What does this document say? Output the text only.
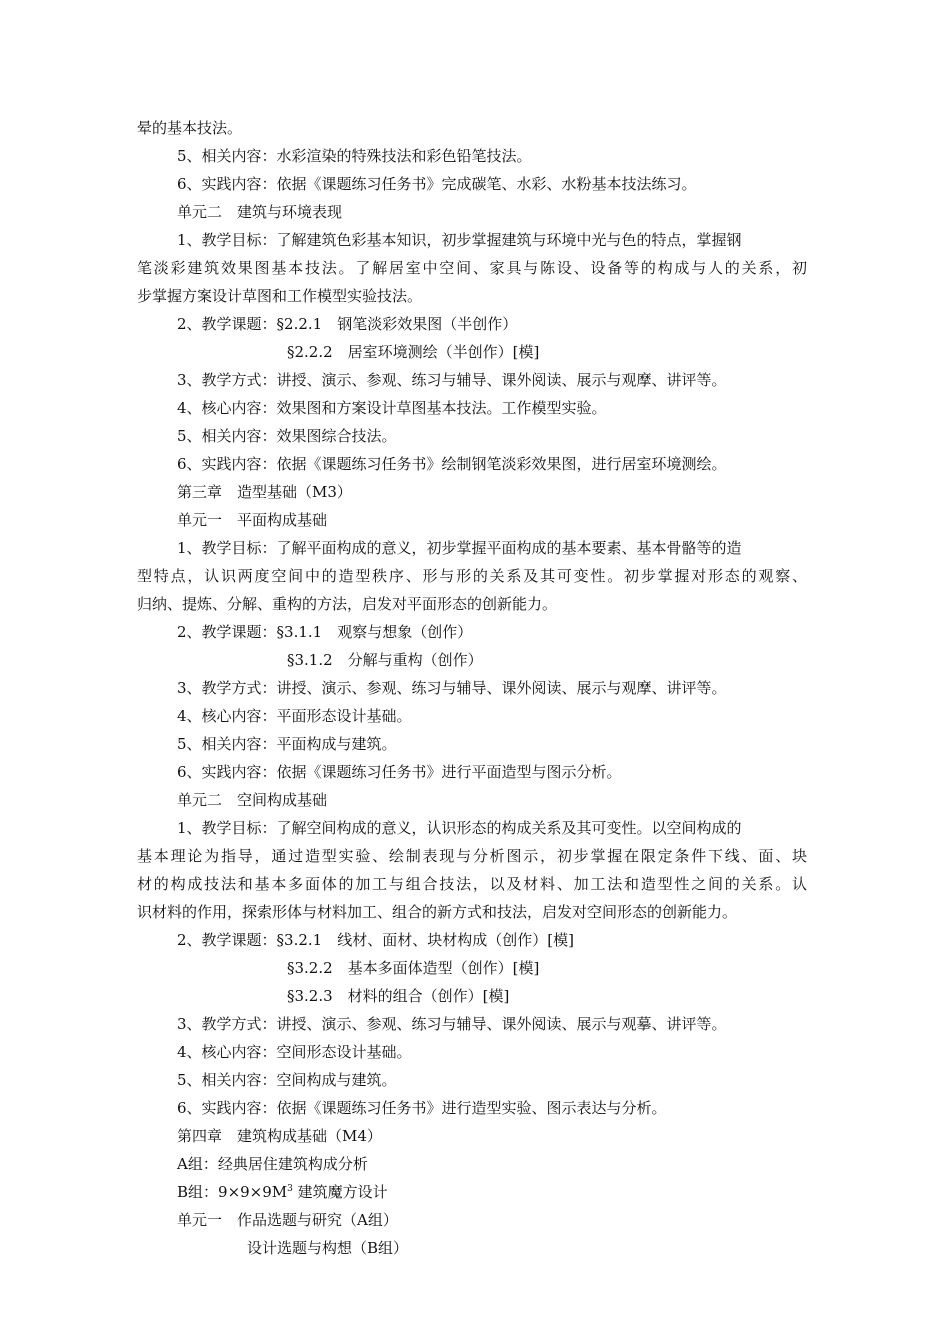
晕的基本技法。
5、相关内容：水彩渲染的特殊技法和彩色铅笔技法。
6、实践内容：依据《课题练习任务书》完成碳笔、水彩、水粉基本技法练习。
单元二　建筑与环境表现
1、教学目标：了解建筑色彩基本知识，初步掌握建筑与环境中光与色的特点，掌握钢
笔淡彩建筑效果图基本技法。了解居室中空间、家具与陈设、设备等的构成与人的关系，初
步掌握方案设计草图和工作模型实验技法。
2、教学课题：§2.2.1　钢笔淡彩效果图（半创作）
§2.2.2　居室环境测绘（半创作）[模]
3、教学方式：讲授、演示、参观、练习与辅导、课外阅读、展示与观摩、讲评等。
4、核心内容：效果图和方案设计草图基本技法。工作模型实验。
5、相关内容：效果图综合技法。
6、实践内容：依据《课题练习任务书》绘制钢笔淡彩效果图，进行居室环境测绘。
第三章　造型基础（M3）
单元一　平面构成基础
1、教学目标：了解平面构成的意义，初步掌握平面构成的基本要素、基本骨骼等的造
型特点，认识两度空间中的造型秩序、形与形的关系及其可变性。初步掌握对形态的观察、
归纳、提炼、分解、重构的方法，启发对平面形态的创新能力。
2、教学课题：§3.1.1　观察与想象（创作）
§3.1.2　分解与重构（创作）
3、教学方式：讲授、演示、参观、练习与辅导、课外阅读、展示与观摩、讲评等。
4、核心内容：平面形态设计基础。
5、相关内容：平面构成与建筑。
6、实践内容：依据《课题练习任务书》进行平面造型与图示分析。
单元二　空间构成基础
1、教学目标：了解空间构成的意义，认识形态的构成关系及其可变性。以空间构成的
基本理论为指导，通过造型实验、绘制表现与分析图示，初步掌握在限定条件下线、面、块
材的构成技法和基本多面体的加工与组合技法，以及材料、加工法和造型性之间的关系。认
识材料的作用，探索形体与材料加工、组合的新方式和技法，启发对空间形态的创新能力。
2、教学课题：§3.2.1　线材、面材、块材构成（创作）[模]
§3.2.2　基本多面体造型（创作）[模]
§3.2.3　材料的组合（创作）[模]
3、教学方式：讲授、演示、参观、练习与辅导、课外阅读、展示与观摹、讲评等。
4、核心内容：空间形态设计基础。
5、相关内容：空间构成与建筑。
6、实践内容：依据《课题练习任务书》进行造型实验、图示表达与分析。
第四章　建筑构成基础（M4）
A组：经典居住建筑构成分析
B组：$9\times 9\times 9M^3$ 建筑魔方设计
单元一　作品选题与研究（A组）
设计选题与构想（B组）
